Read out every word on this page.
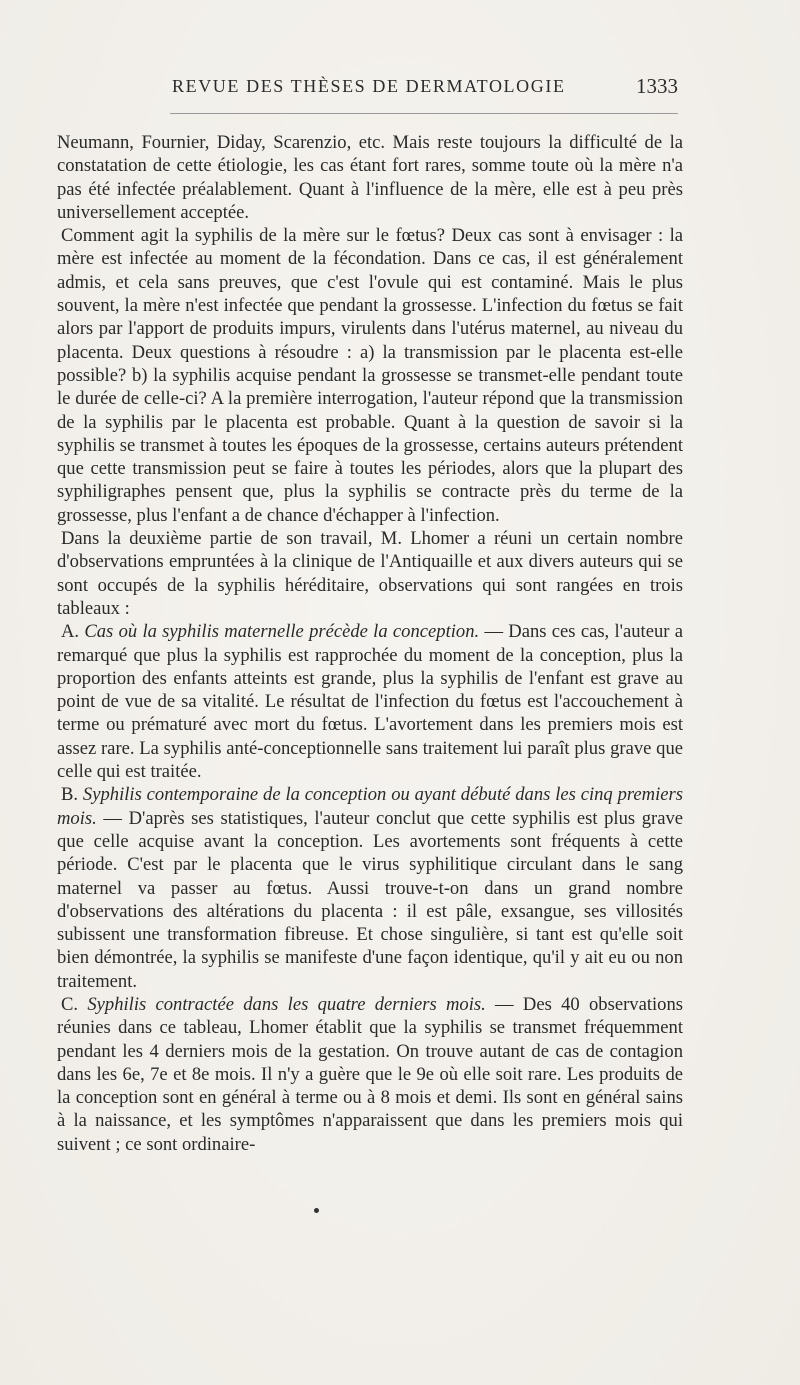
REVUE DES THÈSES DE DERMATOLOGIE	1333

Neumann, Fournier, Diday, Scarenzio, etc. Mais reste toujours la difficulté de la constatation de cette étiologie, les cas étant fort rares, somme toute où la mère n'a pas été infectée préalablement. Quant à l'influence de la mère, elle est à peu près universellement acceptée.

Comment agit la syphilis de la mère sur le fœtus? Deux cas sont à envisager : la mère est infectée au moment de la fécondation. Dans ce cas, il est généralement admis, et cela sans preuves, que c'est l'ovule qui est contaminé. Mais le plus souvent, la mère n'est infectée que pendant la grossesse. L'infection du fœtus se fait alors par l'apport de produits impurs, virulents dans l'utérus maternel, au niveau du placenta. Deux questions à résoudre : a) la transmission par le placenta est-elle possible? b) la syphilis acquise pendant la grossesse se transmet-elle pendant toute le durée de celle-ci? A la première interrogation, l'auteur répond que la transmission de la syphilis par le placenta est probable. Quant à la question de savoir si la syphilis se transmet à toutes les époques de la grossesse, certains auteurs prétendent que cette transmission peut se faire à toutes les périodes, alors que la plupart des syphiligraphes pensent que, plus la syphilis se contracte près du terme de la grossesse, plus l'enfant a de chance d'échapper à l'infection.

Dans la deuxième partie de son travail, M. Lhomer a réuni un certain nombre d'observations empruntées à la clinique de l'Antiquaille et aux divers auteurs qui se sont occupés de la syphilis héréditaire, observations qui sont rangées en trois tableaux :

A. Cas où la syphilis maternelle précède la conception. — Dans ces cas, l'auteur a remarqué que plus la syphilis est rapprochée du moment de la conception, plus la proportion des enfants atteints est grande, plus la syphilis de l'enfant est grave au point de vue de sa vitalité. Le résultat de l'infection du fœtus est l'accouchement à terme ou prématuré avec mort du fœtus. L'avortement dans les premiers mois est assez rare. La syphilis anté-conceptionnelle sans traitement lui paraît plus grave que celle qui est traitée.

B. Syphilis contemporaine de la conception ou ayant débuté dans les cinq premiers mois. — D'après ses statistiques, l'auteur conclut que cette syphilis est plus grave que celle acquise avant la conception. Les avortements sont fréquents à cette période. C'est par le placenta que le virus syphilitique circulant dans le sang maternel va passer au fœtus. Aussi trouve-t-on dans un grand nombre d'observations des altérations du placenta : il est pâle, exsangue, ses villosités subissent une transformation fibreuse. Et chose singulière, si tant est qu'elle soit bien démontrée, la syphilis se manifeste d'une façon identique, qu'il y ait eu ou non traitement.

C. Syphilis contractée dans les quatre derniers mois. — Des 40 observations réunies dans ce tableau, Lhomer établit que la syphilis se transmet fréquemment pendant les 4 derniers mois de la gestation. On trouve autant de cas de contagion dans les 6e, 7e et 8e mois. Il n'y a guère que le 9e où elle soit rare. Les produits de la conception sont en général à terme ou à 8 mois et demi. Ils sont en général sains à la naissance, et les symptômes n'apparaissent que dans les premiers mois qui suivent ; ce sont ordinaire-
